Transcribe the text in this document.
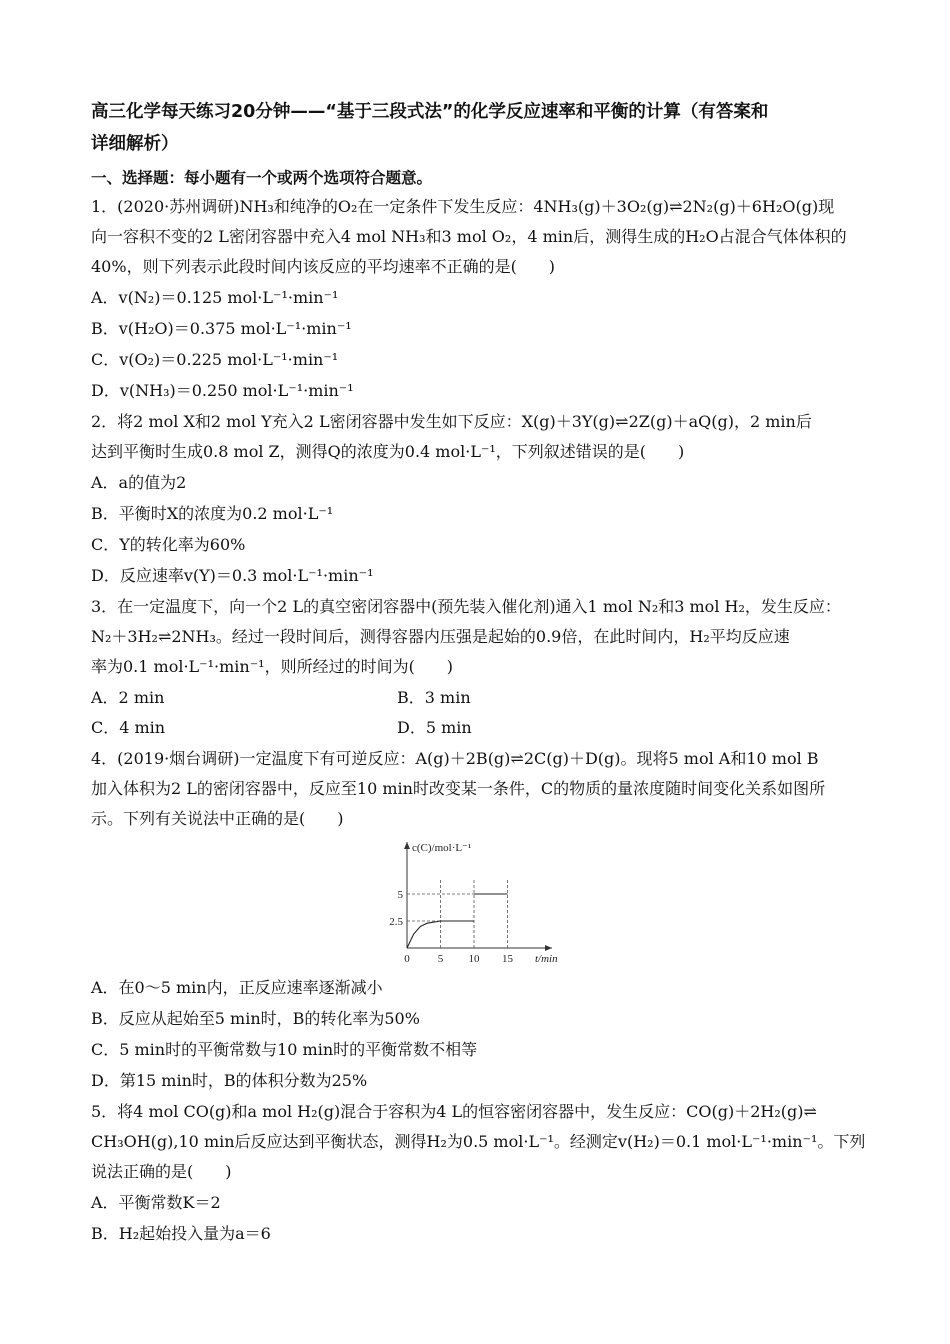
高三化学每天练习20分钟——“基于三段式法”的化学反应速率和平衡的计算（有答案和
详细解析）
一、选择题：每小题有一个或两个选项符合题意。
1．(2020·苏州调研)NH₃和纯净的O₂在一定条件下发生反应：4NH₃(g)＋3O₂(g)⇌2N₂(g)＋6H₂O(g)现
向一容积不变的2 L密闭容器中充入4 mol NH₃和3 mol O₂，4 min后，测得生成的H₂O占混合气体体积的
40%，则下列表示此段时间内该反应的平均速率不正确的是(　　)
A．v(N₂)＝0.125 mol·L⁻¹·min⁻¹
B．v(H₂O)＝0.375 mol·L⁻¹·min⁻¹
C．v(O₂)＝0.225 mol·L⁻¹·min⁻¹
D．v(NH₃)＝0.250 mol·L⁻¹·min⁻¹
2．将2 mol X和2 mol Y充入2 L密闭容器中发生如下反应：X(g)＋3Y(g)⇌2Z(g)＋aQ(g)，2 min后
达到平衡时生成0.8 mol Z，测得Q的浓度为0.4 mol·L⁻¹，下列叙述错误的是(　　)
A．a的值为2
B．平衡时X的浓度为0.2 mol·L⁻¹
C．Y的转化率为60%
D．反应速率v(Y)＝0.3 mol·L⁻¹·min⁻¹
3．在一定温度下，向一个2 L的真空密闭容器中(预先装入催化剂)通入1 mol N₂和3 mol H₂，发生反应：
N₂＋3H₂⇌2NH₃。经过一段时间后，测得容器内压强是起始的0.9倍，在此时间内，H₂平均反应速
率为0.1 mol·L⁻¹·min⁻¹，则所经过的时间为(　　)
A．2 min	B．3 min
C．4 min	D．5 min
4．(2019·烟台调研)一定温度下有可逆反应：A(g)＋2B(g)⇌2C(g)＋D(g)。现将5 mol A和10 mol B
加入体积为2 L的密闭容器中，反应至10 min时改变某一条件，C的物质的量浓度随时间变化关系如图所
示。下列有关说法中正确的是(　　)
c(C)/mol·L⁻¹
t/min
0	5 10 15
2.5
5
A．在0～5 min内，正反应速率逐渐减小
B．反应从起始至5 min时，B的转化率为50%
C．5 min时的平衡常数与10 min时的平衡常数不相等
D．第15 min时，B的体积分数为25%
5．将4 mol CO(g)和a mol H₂(g)混合于容积为4 L的恒容密闭容器中，发生反应：CO(g)＋2H₂(g)⇌
CH₃OH(g),10 min后反应达到平衡状态，测得H₂为0.5 mol·L⁻¹。经测定v(H₂)＝0.1 mol·L⁻¹·min⁻¹。下列
说法正确的是(　　)
A．平衡常数K＝2
B．H₂起始投入量为a＝6
